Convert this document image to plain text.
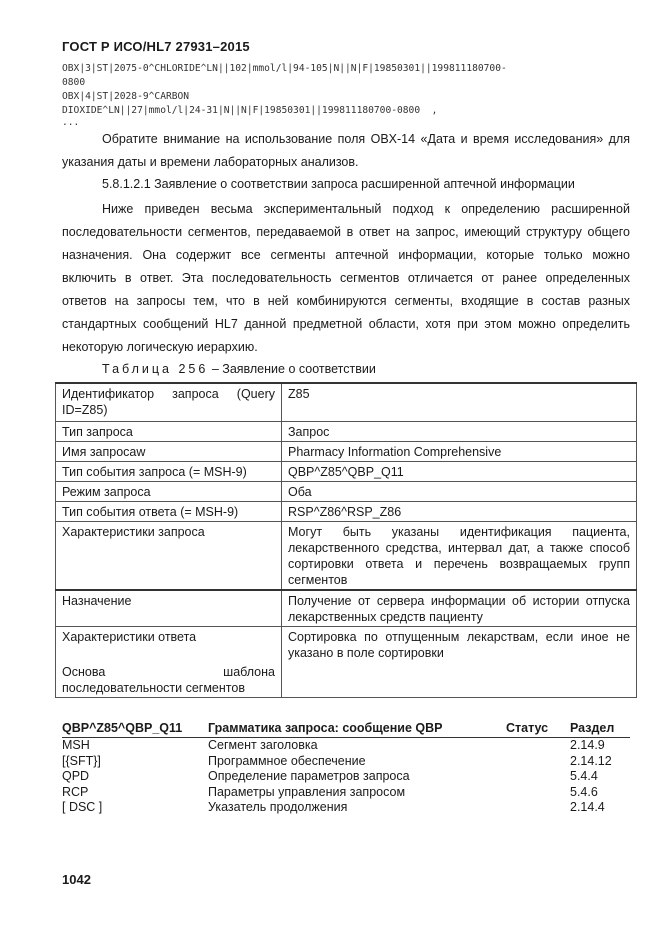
ГОСТ Р ИСО/HL7 27931–2015
OBX|3|ST|2075-0^CHLORIDE^LN||102|mmol/l|94-105|N||N|F|19850301||199811180700-
0800
OBX|4|ST|2028-9^CARBON
DIOXIDE^LN||27|mmol/l|24-31|N||N|F|19850301||199811180700-0800  ,
...
Обратите внимание на использование поля OBX-14 «Дата и время исследования» для указания даты и времени лабораторных анализов.
5.8.1.2.1 Заявление о соответствии запроса расширенной аптечной информации
Ниже приведен весьма экспериментальный подход к определению расширенной последовательности сегментов, передаваемой в ответ на запрос, имеющий структуру общего назначения. Она содержит все сегменты аптечной информации, которые только можно включить в ответ. Эта последовательность сегментов отличается от ранее определенных ответов на запросы тем, что в ней комбинируются сегменты, входящие в состав разных стандартных сообщений HL7 данной предметной области, хотя при этом можно определить некоторую логическую иерархию.
Таблица 256 – Заявление о соответствии
Идентификатор запроса (Query ID=Z85)	Z85
Тип запроса	Запрос
Имя запросаw	Pharmacy Information Comprehensive
Тип события запроса (= MSH-9)	QBP^Z85^QBP_Q11
Режим запроса	Оба
Тип события ответа (= MSH-9)	RSP^Z86^RSP_Z86
Характеристики запроса	Могут быть указаны идентификация пациента, лекарственного средства, интервал дат, а также способ сортировки ответа и перечень возвращаемых групп сегментов
Назначение	Получение от сервера информации об истории отпуска лекарственных средств пациенту
Характеристики ответа	Сортировка по отпущенным лекарствам, если иное не указано в поле сортировки
Основа шаблона последовательности сегментов	
QBP^Z85^QBP_Q11	Грамматика запроса: сообщение QBP	Статус	Раздел
MSH	Сегмент заголовка		2.14.9
[{SFT}]	Программное обеспечение		2.14.12
QPD	Определение параметров запроса		5.4.4
RCP	Параметры управления запросом		5.4.6
[ DSC ]	Указатель продолжения		2.14.4
1042
